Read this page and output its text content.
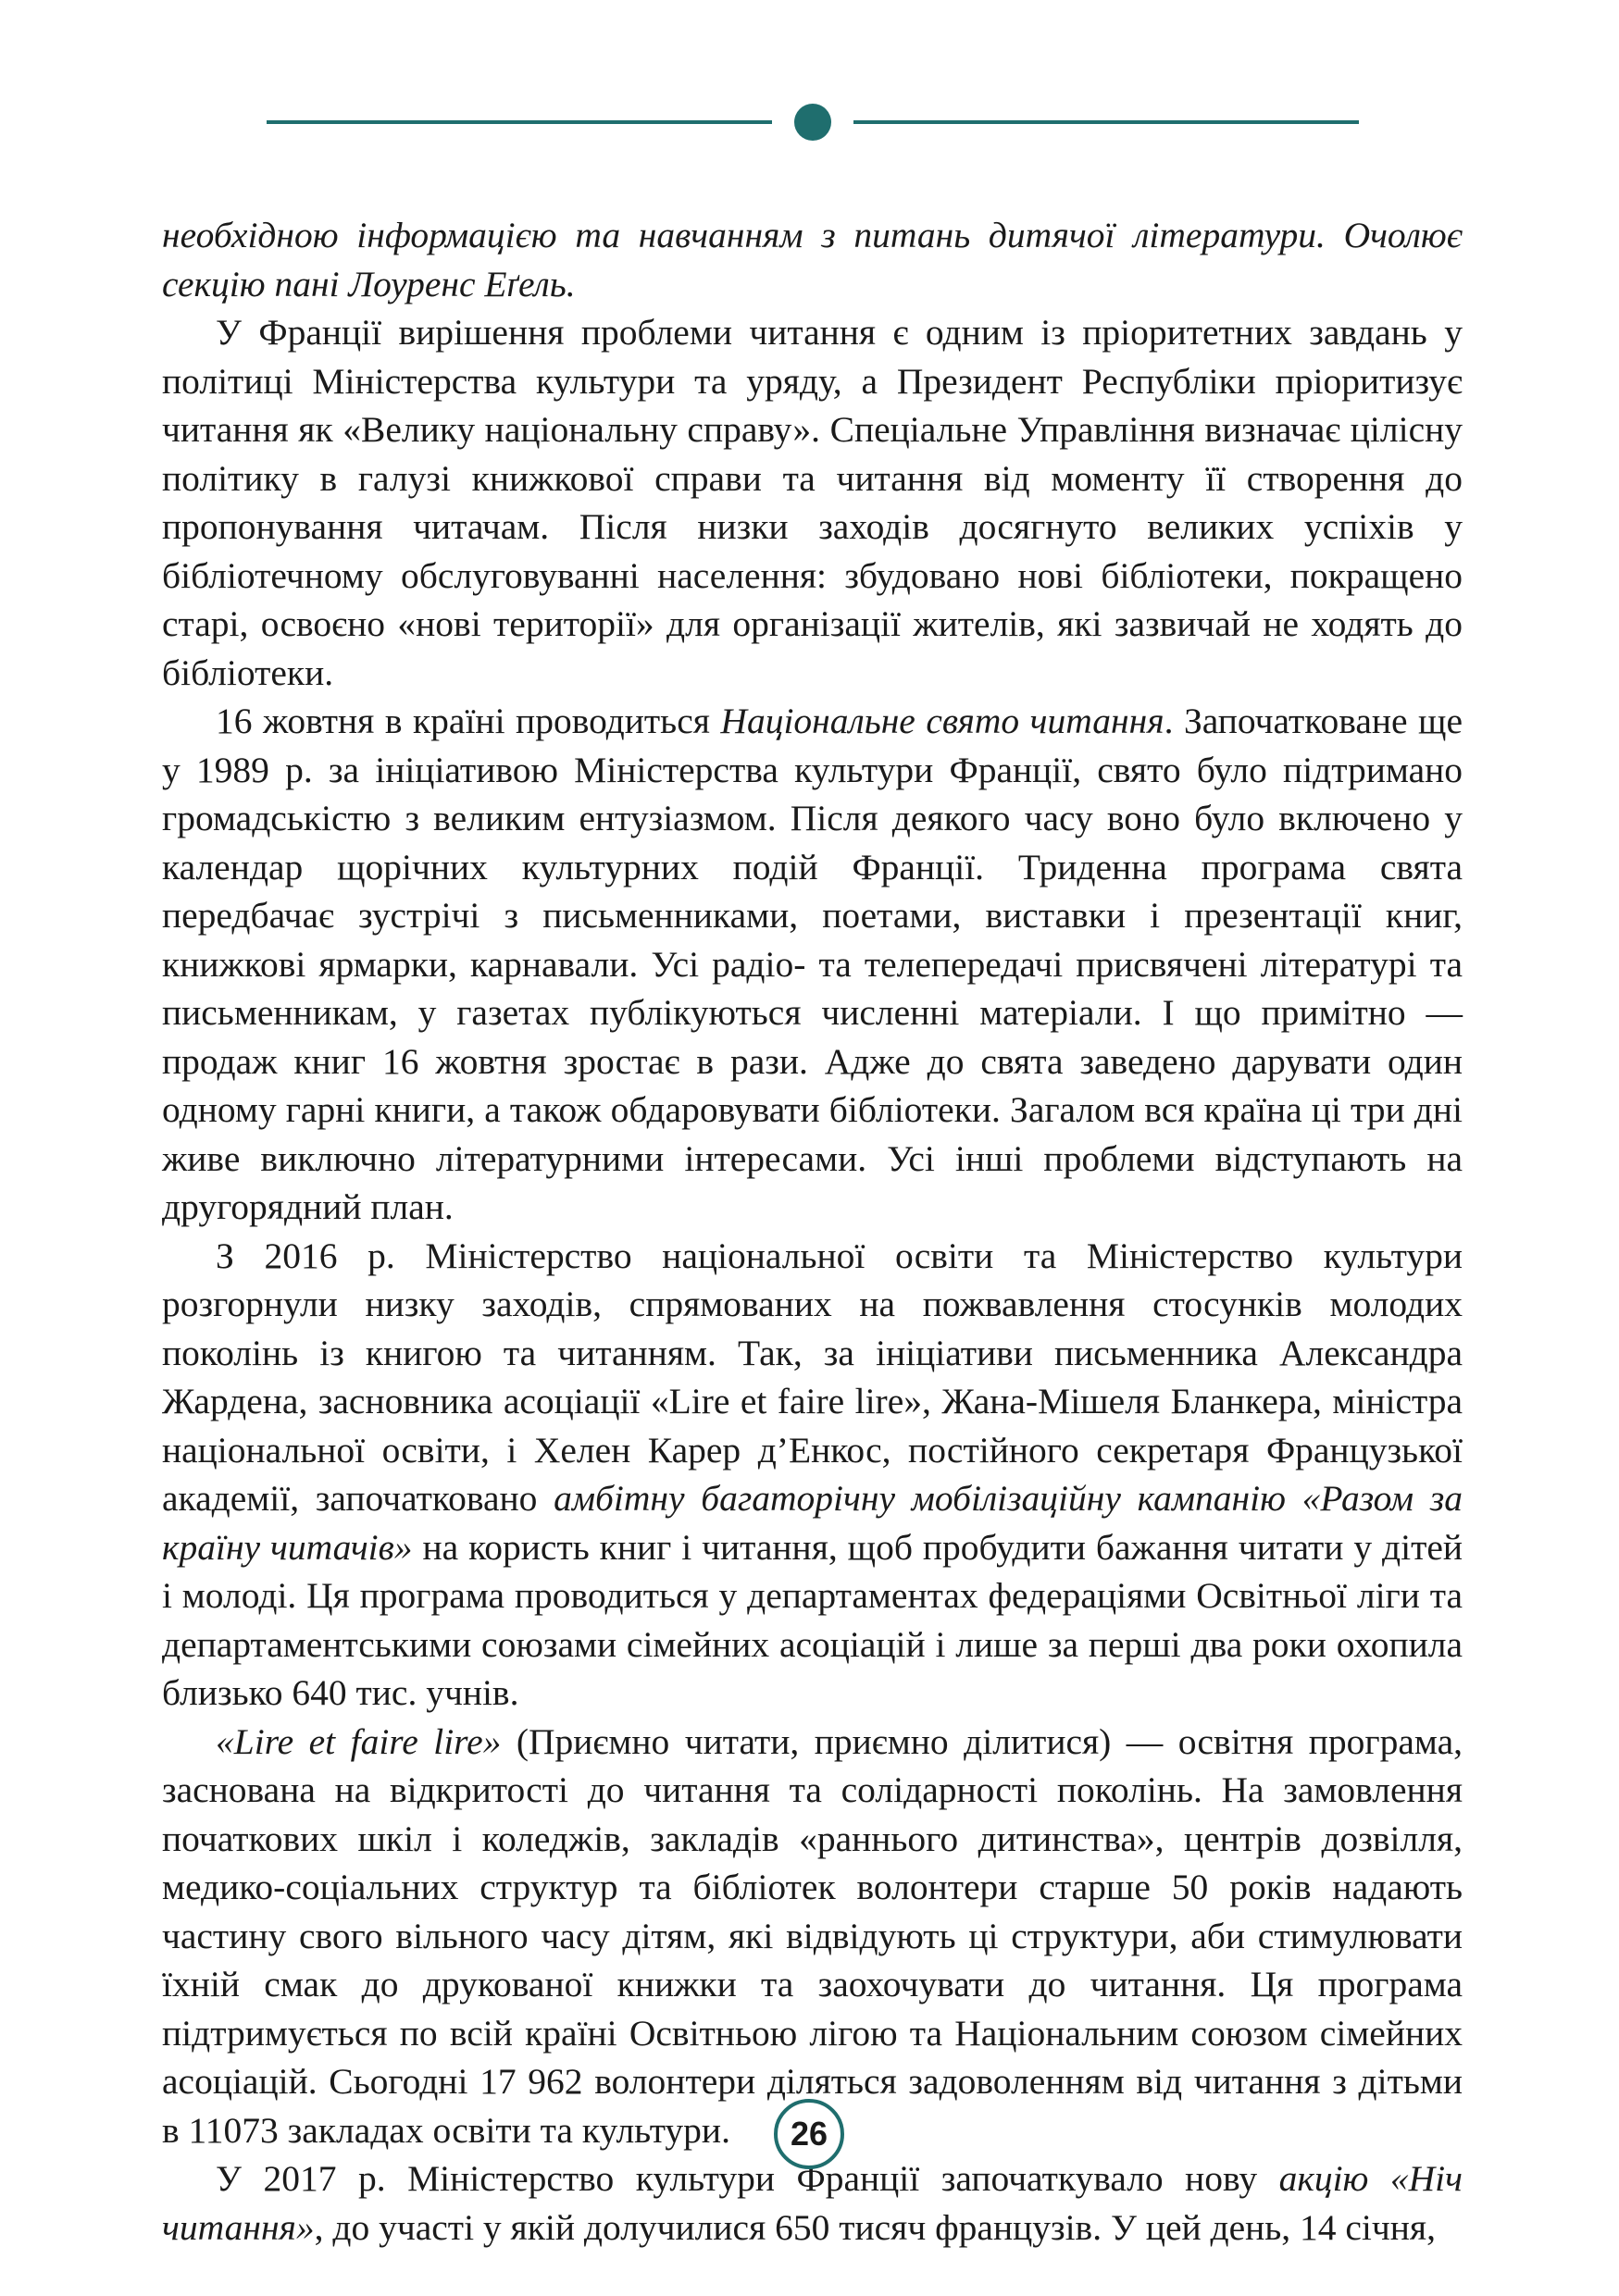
необхідною інформацією та навчанням з питань дитячої літератури. Очолює секцію пані Лоуренс Еґель.

У Франції вирішення проблеми читання є одним із пріоритетних завдань у політиці Міністерства культури та уряду, а Президент Республіки пріоритизує читання як «Велику національну справу». Спеціальне Управління визначає цілісну політику в галузі книжкової справи та читання від моменту її створення до пропонування читачам. Після низки заходів досягнуто великих успіхів у бібліотечному обслуговуванні населення: збудовано нові бібліотеки, покращено старі, освоєно «нові території» для організації жителів, які зазвичай не ходять до бібліотеки.

16 жовтня в країні проводиться Національне свято читання. Започатковане ще у 1989 р. за ініціативою Міністерства культури Франції, свято було підтримано громадськістю з великим ентузіазмом. Після деякого часу воно було включено у календар щорічних культурних подій Франції. Триденна програма свята передбачає зустрічі з письменниками, поетами, виставки і презентації книг, книжкові ярмарки, карнавали. Усі радіо- та телепередачі присвячені літературі та письменникам, у газетах публікуються численні матеріали. І що примітно — продаж книг 16 жовтня зростає в рази. Адже до свята заведено дарувати один одному гарні книги, а також обдаровувати бібліотеки. Загалом вся країна ці три дні живе виключно літературними інтересами. Усі інші проблеми відступають на другорядний план.

З 2016 р. Міністерство національної освіти та Міністерство культури розгорнули низку заходів, спрямованих на пожвавлення стосунків молодих поколінь із книгою та читанням. Так, за ініціативи письменника Александра Жардена, засновника асоціації «Lire et faire lire», Жана-Мішеля Бланкера, міністра національної освіти, і Хелен Карер д’Енкос, постійного секретаря Французької академії, започатковано амбітну багаторічну мобілізаційну кампанію «Разом за країну читачів» на користь книг і читання, щоб пробудити бажання читати у дітей і молоді. Ця програма проводиться у департаментах федераціями Освітньої ліги та департаментськими союзами сімейних асоціацій і лише за перші два роки охопила близько 640 тис. учнів.

«Lire et faire lire» (Приємно читати, приємно ділитися) — освітня програма, заснована на відкритості до читання та солідарності поколінь. На замовлення початкових шкіл і коледжів, закладів «раннього дитинства», центрів дозвілля, медико-соціальних структур та бібліотек волонтери старше 50 років надають частину свого вільного часу дітям, які відвідують ці структури, аби стимулювати їхній смак до друкованої книжки та заохочувати до читання. Ця програма підтримується по всій країні Освітньою лігою та Національним союзом сімейних асоціацій. Сьогодні 17 962 волонтери діляться задоволенням від читання з дітьми в 11073 закладах освіти та культури.

У 2017 р. Міністерство культури Франції започаткувало нову акцію «Ніч читання», до участі у якій долучилися 650 тисяч французів. У цей день, 14 січня,

26
